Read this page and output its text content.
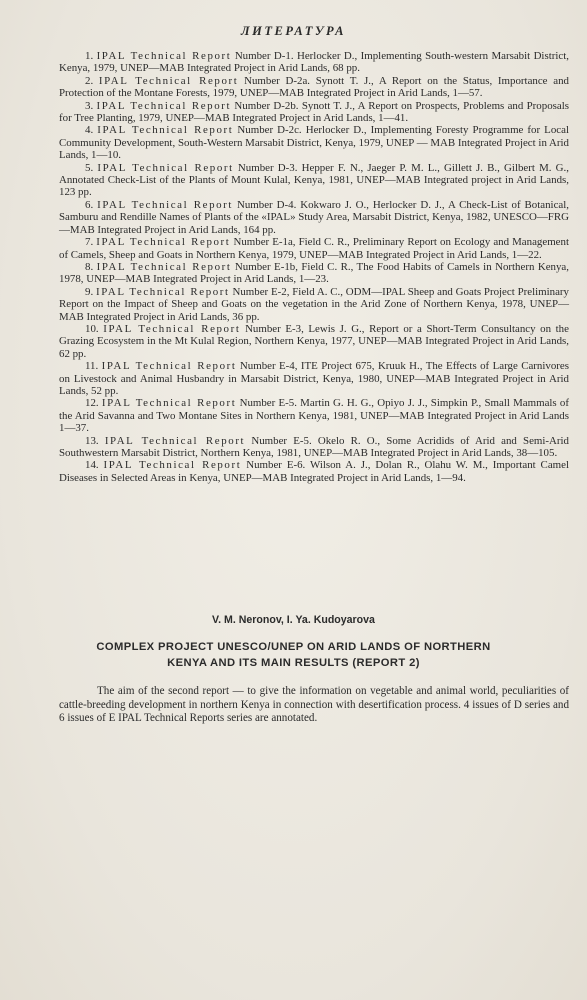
ЛИТЕРАТУРА

1. IPAL Technical Report Number D-1. Herlocker D., Implementing South-western Marsabit District, Kenya, 1979, UNEP—MAB Integrated Project in Arid Lands, 68 pp.

2. IPAL Technical Report Number D-2a. Synott T. J., A Report on the Status, Importance and Protection of the Montane Forests, 1979, UNEP—MAB Integrated Project in Arid Lands, 1—57.

3. IPAL Technical Report Number D-2b. Synott T. J., A Report on Prospects, Problems and Proposals for Tree Planting, 1979, UNEP—MAB Integrated Project in Arid Lands, 1—41.

4. IPAL Technical Report Number D-2c. Herlocker D., Implementing Foresty Programme for Local Community Development, South-Western Marsabit District, Kenya, 1979, UNEP — MAB Integrated Project in Arid Lands, 1—10.

5. IPAL Technical Report Number D-3. Hepper F. N., Jaeger P. M. L., Gillett J. B., Gilbert M. G., Annotated Check-List of the Plants of Mount Kulal, Kenya, 1981, UNEP—MAB Integrated project in Arid Lands, 123 pp.

6. IPAL Technical Report Number D-4. Kokwaro J. O., Herlocker D. J., A Check-List of Botanical, Samburu and Rendille Names of Plants of the «IPAL» Study Area, Marsabit District, Kenya, 1982, UNESCO—FRG—MAB Integrated Project in Arid Lands, 164 pp.

7. IPAL Technical Report Number E-1a, Field C. R., Preliminary Report on Ecology and Management of Camels, Sheep and Goats in Northern Kenya, 1979, UNEP—MAB Integrated Project in Arid Lands, 1—22.

8. IPAL Technical Report Number E-1b, Field C. R., The Food Habits of Camels in Northern Kenya, 1978, UNEP—MAB Integrated Project in Arid Lands, 1—23.

9. IPAL Technical Report Number E-2, Field A. C., ODM—IPAL Sheep and Goats Project Preliminary Report on the Impact of Sheep and Goats on the vegetation in the Arid Zone of Northern Kenya, 1978, UNEP—MAB Integrated Project in Arid Lands, 36 pp.

10. IPAL Technical Report Number E-3, Lewis J. G., Report or a Short-Term Consultancy on the Grazing Ecosystem in the Mt Kulal Region, Northern Kenya, 1977, UNEP—MAB Integrated Project in Arid Lands, 62 pp.

11. IPAL Technical Report Number E-4, ITE Project 675, Kruuk H., The Effects of Large Carnivores on Livestock and Animal Husbandry in Marsabit District, Kenya, 1980, UNEP—MAB Integrated Project in Arid Lands, 52 pp.

12. IPAL Technical Report Number E-5. Martin G. H. G., Opiyo J. J., Simpkin P., Small Mammals of the Arid Savanna and Two Montane Sites in Northern Kenya, 1981, UNEP—MAB Integrated Project in Arid Lands 1—37.

13. IPAL Technical Report Number E-5. Okelo R. O., Some Acridids of Arid and Semi-Arid Southwestern Marsabit District, Northern Kenya, 1981, UNEP—MAB Integrated Project in Arid Lands, 38—105.

14. IPAL Technical Report Number E-6. Wilson A. J., Dolan R., Olahu W. M., Important Camel Diseases in Selected Areas in Kenya, UNEP—MAB Integrated Project in Arid Lands, 1—94.

V. M. Neronov, I. Ya. Kudoyarova
COMPLEX PROJECT UNESCO/UNEP ON ARID LANDS OF NORTHERN KENYA AND ITS MAIN RESULTS (REPORT 2)

The aim of the second report — to give the information on vegetable and animal world, peculiarities of cattle-breeding development in northern Kenya in connection with desertification process. 4 issues of D series and 6 issues of E IPAL Technical Reports series are annotated.
